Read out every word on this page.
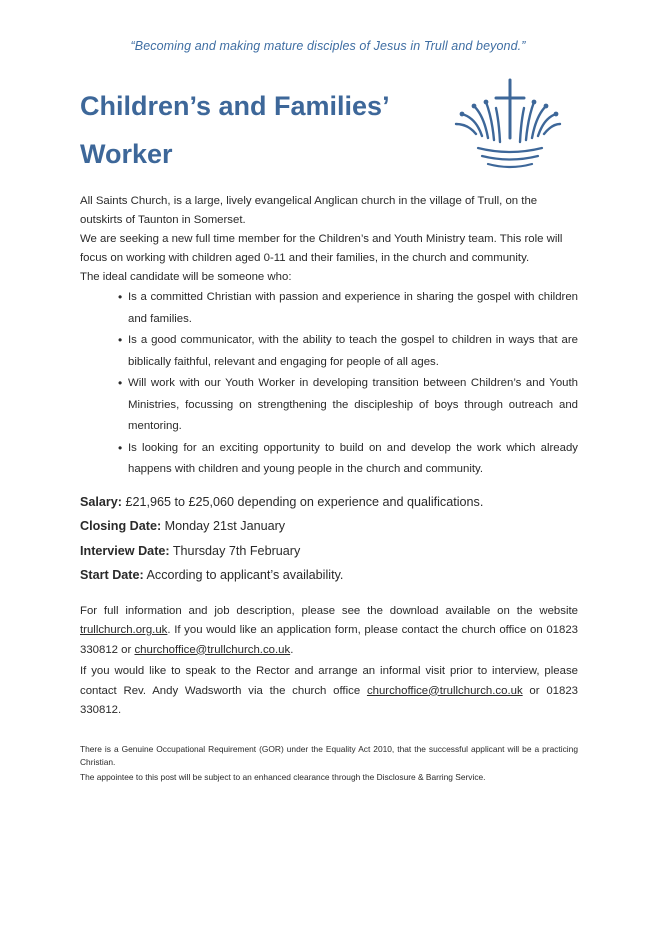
“Becoming and making mature disciples of Jesus in Trull and beyond.”
Children’s and Families’ Worker

All Saints Church, is a large, lively evangelical Anglican church in the village of Trull, on the outskirts of Taunton in Somerset.

We are seeking a new full time member for the Children’s and Youth Ministry team. This role will focus on working with children aged 0-11 and their families, in the church and community.

The ideal candidate will be someone who:

• Is a committed Christian with passion and experience in sharing the gospel with children and families.
• Is a good communicator, with the ability to teach the gospel to children in ways that are biblically faithful, relevant and engaging for people of all ages.
• Will work with our Youth Worker in developing transition between Children’s and Youth Ministries, focussing on strengthening the discipleship of boys through outreach and mentoring.
• Is looking for an exciting opportunity to build on and develop the work which already happens with children and young people in the church and community.

Salary: £21,965 to £25,060 depending on experience and qualifications.

Closing Date: Monday 21st January

Interview Date: Thursday 7th February

Start Date: According to applicant’s availability.

For full information and job description, please see the download available on the website trullchurch.org.uk. If you would like an application form, please contact the church office on 01823 330812 or churchoffice@trullchurch.co.uk.

If you would like to speak to the Rector and arrange an informal visit prior to interview, please contact Rev. Andy Wadsworth via the church office churchoffice@trullchurch.co.uk or 01823 330812.

There is a Genuine Occupational Requirement (GOR) under the Equality Act 2010, that the successful applicant will be a practicing Christian.

The appointee to this post will be subject to an enhanced clearance through the Disclosure & Barring Service.
